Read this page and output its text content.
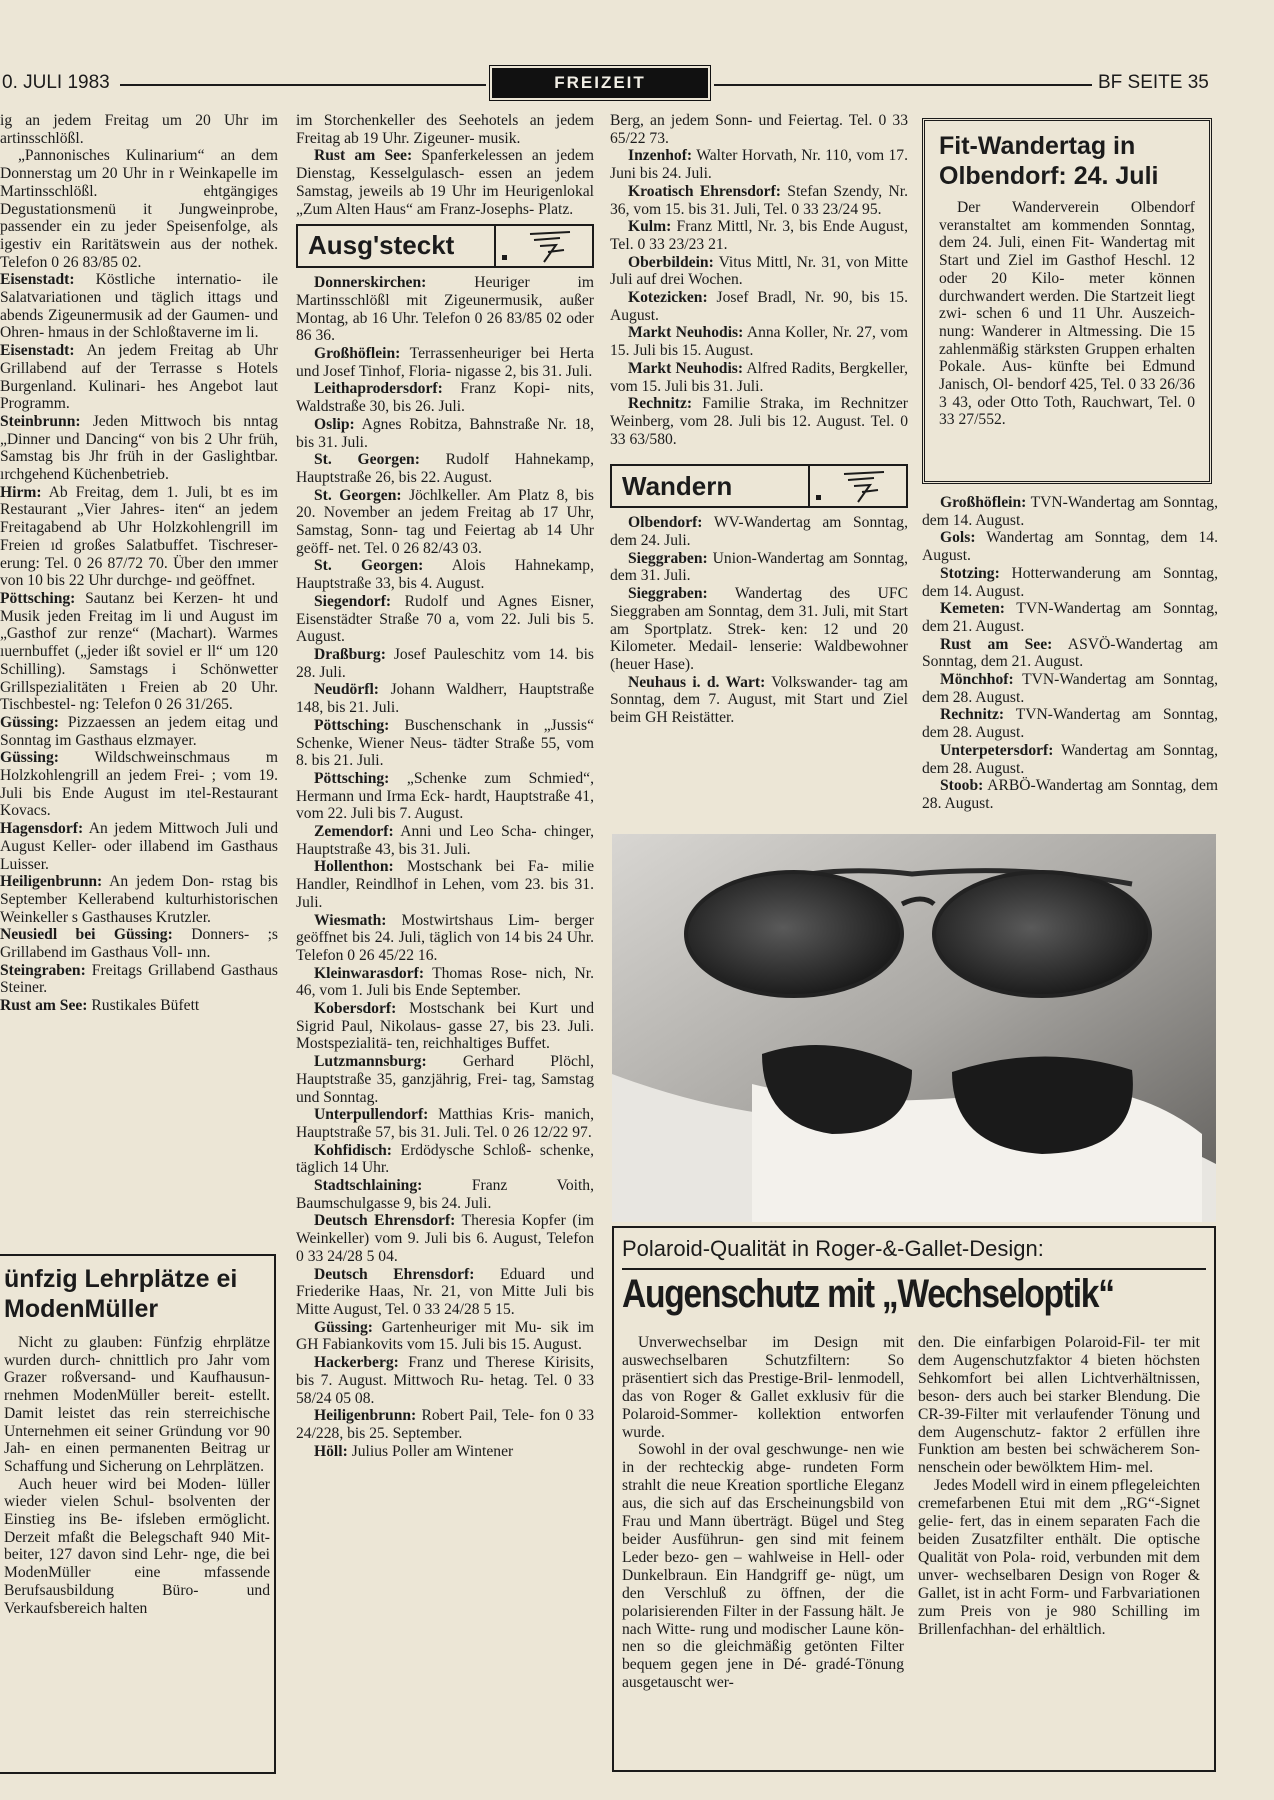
0. JULI 1983	FREIZEIT	BF SEITE 35

ig an jedem Freitag um 20 Uhr im artinsschlößl.

„Pannonisches Kulinarium“ an dem Donnerstag um 20 Uhr in r Weinkapelle im Martinsschlößl. ehtgängiges Degustationsmenü it Jungweinprobe, passender ein zu jeder Speisenfolge, als igestiv ein Raritätswein aus der nothek. Telefon 0 26 83/85 02.

Eisenstadt: Köstliche internatio- ile Salatvariationen und täglich ittags und abends Zigeunermusik ad der Gaumen- und Ohren- hmaus in der Schloßtaverne im li.

Eisenstadt: An jedem Freitag ab Uhr Grillabend auf der Terrasse s Hotels Burgenland. Kulinari- hes Angebot laut Programm.

Steinbrunn: Jeden Mittwoch bis nntag „Dinner und Dancing“ von bis 2 Uhr früh, Samstag bis Jhr früh in der Gaslightbar. ırchgehend Küchenbetrieb.

Hirm: Ab Freitag, dem 1. Juli, bt es im Restaurant „Vier Jahres- iten“ an jedem Freitagabend ab Uhr Holzkohlengrill im Freien ıd großes Salatbuffet. Tischreser- erung: Tel. 0 26 87/72 70. Über den ımmer von 10 bis 22 Uhr durchge- ınd geöffnet.

Pöttsching: Sautanz bei Kerzen- ht und Musik jeden Freitag im li und August im „Gasthof zur renze“ (Machart). Warmes ıuernbuffet („jeder ißt soviel er ll“ um 120 Schilling). Samstags i Schönwetter Grillspezialitäten ı Freien ab 20 Uhr. Tischbestel- ng: Telefon 0 26 31/265.

Güssing: Pizzaessen an jedem eitag und Sonntag im Gasthaus elzmayer.

Güssing: Wildschweinschmaus m Holzkohlengrill an jedem Frei- ; vom 19. Juli bis Ende August im ıtel-Restaurant Kovacs.

Hagensdorf: An jedem Mittwoch Juli und August Keller- oder illabend im Gasthaus Luisser.

Heiligenbrunn: An jedem Don- rstag bis September Kellerabend kulturhistorischen Weinkeller s Gasthauses Krutzler.

Neusiedl bei Güssing: Donners- ;s Grillabend im Gasthaus Voll- ınn.

Steingraben: Freitags Grillabend Gasthaus Steiner.

Rust am See: Rustikales Büfett

ünfzig Lehrplätze ei ModenMüller

Nicht zu glauben: Fünfzig ehrplätze wurden durch- chnittlich pro Jahr vom Grazer roßversand- und Kaufhausun- rnehmen ModenMüller bereit- estellt. Damit leistet das rein sterreichische Unternehmen eit seiner Gründung vor 90 Jah- en einen permanenten Beitrag ur Schaffung und Sicherung on Lehrplätzen.

Auch heuer wird bei Moden- lüller wieder vielen Schul- bsolventen der Einstieg ins Be- ifsleben ermöglicht. Derzeit mfaßt die Belegschaft 940 Mit- beiter, 127 davon sind Lehr- nge, die bei ModenMüller eine mfassende Berufsausbildung Büro- und Verkaufsbereich halten

im Storchenkeller des Seehotels an jedem Freitag ab 19 Uhr. Zigeuner- musik.

Rust am See: Spanferkelessen an jedem Dienstag, Kesselgulasch- essen an jedem Samstag, jeweils ab 19 Uhr im Heurigenlokal „Zum Alten Haus“ am Franz-Josephs- Platz.

Ausg'steckt

Donnerskirchen: Heuriger im Martinsschlößl mit Zigeunermusik, außer Montag, ab 16 Uhr. Telefon 0 26 83/85 02 oder 86 36.

Großhöflein: Terrassenheuriger bei Herta und Josef Tinhof, Floria- nigasse 2, bis 31. Juli.

Leithaprodersdorf: Franz Kopi- nits, Waldstraße 30, bis 26. Juli.

Oslip: Agnes Robitza, Bahnstraße Nr. 18, bis 31. Juli.

St. Georgen: Rudolf Hahnekamp, Hauptstraße 26, bis 22. August.

St. Georgen: Jöchlkeller. Am Platz 8, bis 20. November an jedem Freitag ab 17 Uhr, Samstag, Sonn- tag und Feiertag ab 14 Uhr geöff- net. Tel. 0 26 82/43 03.

St. Georgen: Alois Hahnekamp, Hauptstraße 33, bis 4. August.

Siegendorf: Rudolf und Agnes Eisner, Eisenstädter Straße 70 a, vom 22. Juli bis 5. August.

Draßburg: Josef Pauleschitz vom 14. bis 28. Juli.

Neudörfl: Johann Waldherr, Hauptstraße 148, bis 21. Juli.

Pöttsching: Buschenschank in „Jussis“ Schenke, Wiener Neus- tädter Straße 55, vom 8. bis 21. Juli.

Pöttsching: „Schenke zum Schmied“, Hermann und Irma Eck- hardt, Hauptstraße 41, vom 22. Juli bis 7. August.

Zemendorf: Anni und Leo Scha- chinger, Hauptstraße 43, bis 31. Juli.

Hollenthon: Mostschank bei Fa- milie Handler, Reindlhof in Lehen, vom 23. bis 31. Juli.

Wiesmath: Mostwirtshaus Lim- berger geöffnet bis 24. Juli, täglich von 14 bis 24 Uhr. Telefon 0 26 45/22 16.

Kleinwarasdorf: Thomas Rose- nich, Nr. 46, vom 1. Juli bis Ende September.

Kobersdorf: Mostschank bei Kurt und Sigrid Paul, Nikolaus- gasse 27, bis 23. Juli. Mostspezialitä- ten, reichhaltiges Buffet.

Lutzmannsburg: Gerhard Plöchl, Hauptstraße 35, ganzjährig, Frei- tag, Samstag und Sonntag.

Unterpullendorf: Matthias Kris- manich, Hauptstraße 57, bis 31. Juli. Tel. 0 26 12/22 97.

Kohfidisch: Erdödysche Schloß- schenke, täglich 14 Uhr.

Stadtschlaining: Franz Voith, Baumschulgasse 9, bis 24. Juli.

Deutsch Ehrensdorf: Theresia Kopfer (im Weinkeller) vom 9. Juli bis 6. August, Telefon 0 33 24/28 5 04.

Deutsch Ehrensdorf: Eduard und Friederike Haas, Nr. 21, von Mitte Juli bis Mitte August, Tel. 0 33 24/28 5 15.

Güssing: Gartenheuriger mit Mu- sik im GH Fabiankovits vom 15. Juli bis 15. August.

Hackerberg: Franz und Therese Kirisits, bis 7. August. Mittwoch Ru- hetag. Tel. 0 33 58/24 05 08.

Heiligenbrunn: Robert Pail, Tele- fon 0 33 24/228, bis 25. September.

Höll: Julius Poller am Wintener

Berg, an jedem Sonn- und Feiertag. Tel. 0 33 65/22 73.

Inzenhof: Walter Horvath, Nr. 110, vom 17. Juni bis 24. Juli.

Kroatisch Ehrensdorf: Stefan Szendy, Nr. 36, vom 15. bis 31. Juli, Tel. 0 33 23/24 95.

Kulm: Franz Mittl, Nr. 3, bis Ende August, Tel. 0 33 23/23 21.

Oberbildein: Vitus Mittl, Nr. 31, von Mitte Juli auf drei Wochen.

Kotezicken: Josef Bradl, Nr. 90, bis 15. August.

Markt Neuhodis: Anna Koller, Nr. 27, vom 15. Juli bis 15. August.

Markt Neuhodis: Alfred Radits, Bergkeller, vom 15. Juli bis 31. Juli.

Rechnitz: Familie Straka, im Rechnitzer Weinberg, vom 28. Juli bis 12. August. Tel. 0 33 63/580.

Wandern

Olbendorf: WV-Wandertag am Sonntag, dem 24. Juli.

Sieggraben: Union-Wandertag am Sonntag, dem 31. Juli.

Sieggraben: Wandertag des UFC Sieggraben am Sonntag, dem 31. Juli, mit Start am Sportplatz. Strek- ken: 12 und 20 Kilometer. Medail- lenserie: Waldbewohner (heuer Hase).

Neuhaus i. d. Wart: Volkswander- tag am Sonntag, dem 7. August, mit Start und Ziel beim GH Reistätter.

Fit-Wandertag in Olbendorf: 24. Juli

Der Wanderverein Olbendorf veranstaltet am kommenden Sonntag, dem 24. Juli, einen Fit- Wandertag mit Start und Ziel im Gasthof Heschl. 12 oder 20 Kilo- meter können durchwandert werden. Die Startzeit liegt zwi- schen 6 und 11 Uhr. Auszeich- nung: Wanderer in Altmessing. Die 15 zahlenmäßig stärksten Gruppen erhalten Pokale. Aus- künfte bei Edmund Janisch, Ol- bendorf 425, Tel. 0 33 26/36 3 43, oder Otto Toth, Rauchwart, Tel. 0 33 27/552.

Großhöflein: TVN-Wandertag am Sonntag, dem 14. August.

Gols: Wandertag am Sonntag, dem 14. August.

Stotzing: Hotterwanderung am Sonntag, dem 14. August.

Kemeten: TVN-Wandertag am Sonntag, dem 21. August.

Rust am See: ASVÖ-Wandertag am Sonntag, dem 21. August.

Mönchhof: TVN-Wandertag am Sonntag, dem 28. August.

Rechnitz: TVN-Wandertag am Sonntag, dem 28. August.

Unterpetersdorf: Wandertag am Sonntag, dem 28. August.

Stoob: ARBÖ-Wandertag am Sonntag, dem 28. August.

Polaroid-Qualität in Roger-&-Gallet-Design:
Augenschutz mit „Wechseloptik“

Unverwechselbar im Design mit auswechselbaren Schutzfiltern: So präsentiert sich das Prestige-Bril- lenmodell, das von Roger & Gallet exklusiv für die Polaroid-Sommer- kollektion entworfen wurde.

Sowohl in der oval geschwunge- nen wie in der rechteckig abge- rundeten Form strahlt die neue Kreation sportliche Eleganz aus, die sich auf das Erscheinungsbild von Frau und Mann überträgt. Bügel und Steg beider Ausführun- gen sind mit feinem Leder bezo- gen – wahlweise in Hell- oder Dunkelbraun. Ein Handgriff ge- nügt, um den Verschluß zu öffnen, der die polarisierenden Filter in der Fassung hält. Je nach Witte- rung und modischer Laune kön- nen so die gleichmäßig getönten Filter bequem gegen jene in Dé- gradé-Tönung ausgetauscht wer-

den. Die einfarbigen Polaroid-Fil- ter mit dem Augenschutzfaktor 4 bieten höchsten Sehkomfort bei allen Lichtverhältnissen, beson- ders auch bei starker Blendung. Die CR-39-Filter mit verlaufender Tönung und dem Augenschutz- faktor 2 erfüllen ihre Funktion am besten bei schwächerem Son- nenschein oder bewölktem Him- mel.

Jedes Modell wird in einem pflegeleichten cremefarbenen Etui mit dem „RG“-Signet gelie- fert, das in einem separaten Fach die beiden Zusatzfilter enthält. Die optische Qualität von Pola- roid, verbunden mit dem unver- wechselbaren Design von Roger & Gallet, ist in acht Form- und Farbvariationen zum Preis von je 980 Schilling im Brillenfachhan- del erhältlich.
